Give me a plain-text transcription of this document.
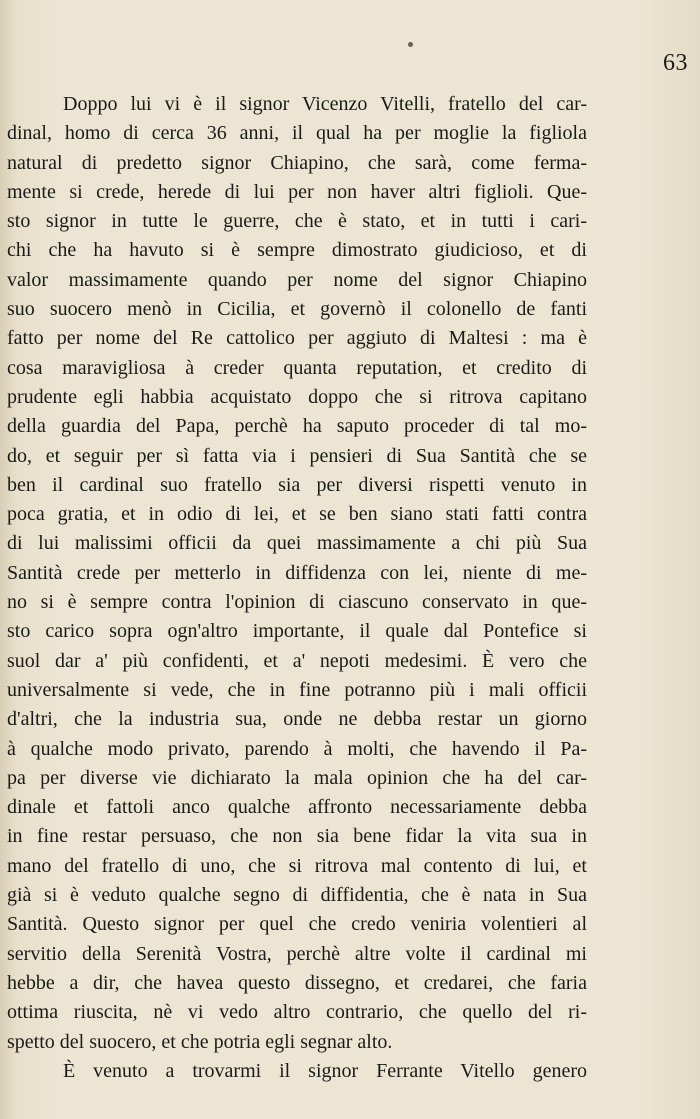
63
Doppo lui vi è il signor Vicenzo Vitelli, fratello del car-
dinal, homo di cerca 36 anni, il qual ha per moglie la figliola
natural di predetto signor Chiapino, che sarà, come ferma-
mente si crede, herede di lui per non haver altri figlioli. Que-
sto signor in tutte le guerre, che è stato, et in tutti i cari-
chi che ha havuto si è sempre dimostrato giudicioso, et di
valor massimamente quando per nome del signor Chiapino
suo suocero menò in Cicilia, et governò il colonello de fanti
fatto per nome del Re cattolico per aggiuto di Maltesi : ma è
cosa maravigliosa à creder quanta reputation, et credito di
prudente egli habbia acquistato doppo che si ritrova capitano
della guardia del Papa, perchè ha saputo proceder di tal mo-
do, et seguir per sì fatta via i pensieri di Sua Santità che se
ben il cardinal suo fratello sia per diversi rispetti venuto in
poca gratia, et in odio di lei, et se ben siano stati fatti contra
di lui malissimi officii da quei massimamente a chi più Sua
Santità crede per metterlo in diffidenza con lei, niente di me-
no si è sempre contra l'opinion di ciascuno conservato in que-
sto carico sopra ogn'altro importante, il quale dal Pontefice si
suol dar a' più confidenti, et a' nepoti medesimi. È vero che
universalmente si vede, che in fine potranno più i mali officii
d'altri, che la industria sua, onde ne debba restar un giorno
à qualche modo privato, parendo à molti, che havendo il Pa-
pa per diverse vie dichiarato la mala opinion che ha del car-
dinale et fattoli anco qualche affronto necessariamente debba
in fine restar persuaso, che non sia bene fidar la vita sua in
mano del fratello di uno, che si ritrova mal contento di lui, et
già si è veduto qualche segno di diffidentia, che è nata in Sua
Santità. Questo signor per quel che credo veniria volentieri al
servitio della Serenità Vostra, perchè altre volte il cardinal mi
hebbe a dir, che havea questo dissegno, et credarei, che faria
ottima riuscita, nè vi vedo altro contrario, che quello del ri-
spetto del suocero, et che potria egli segnar alto.
È venuto a trovarmi il signor Ferrante Vitello genero
